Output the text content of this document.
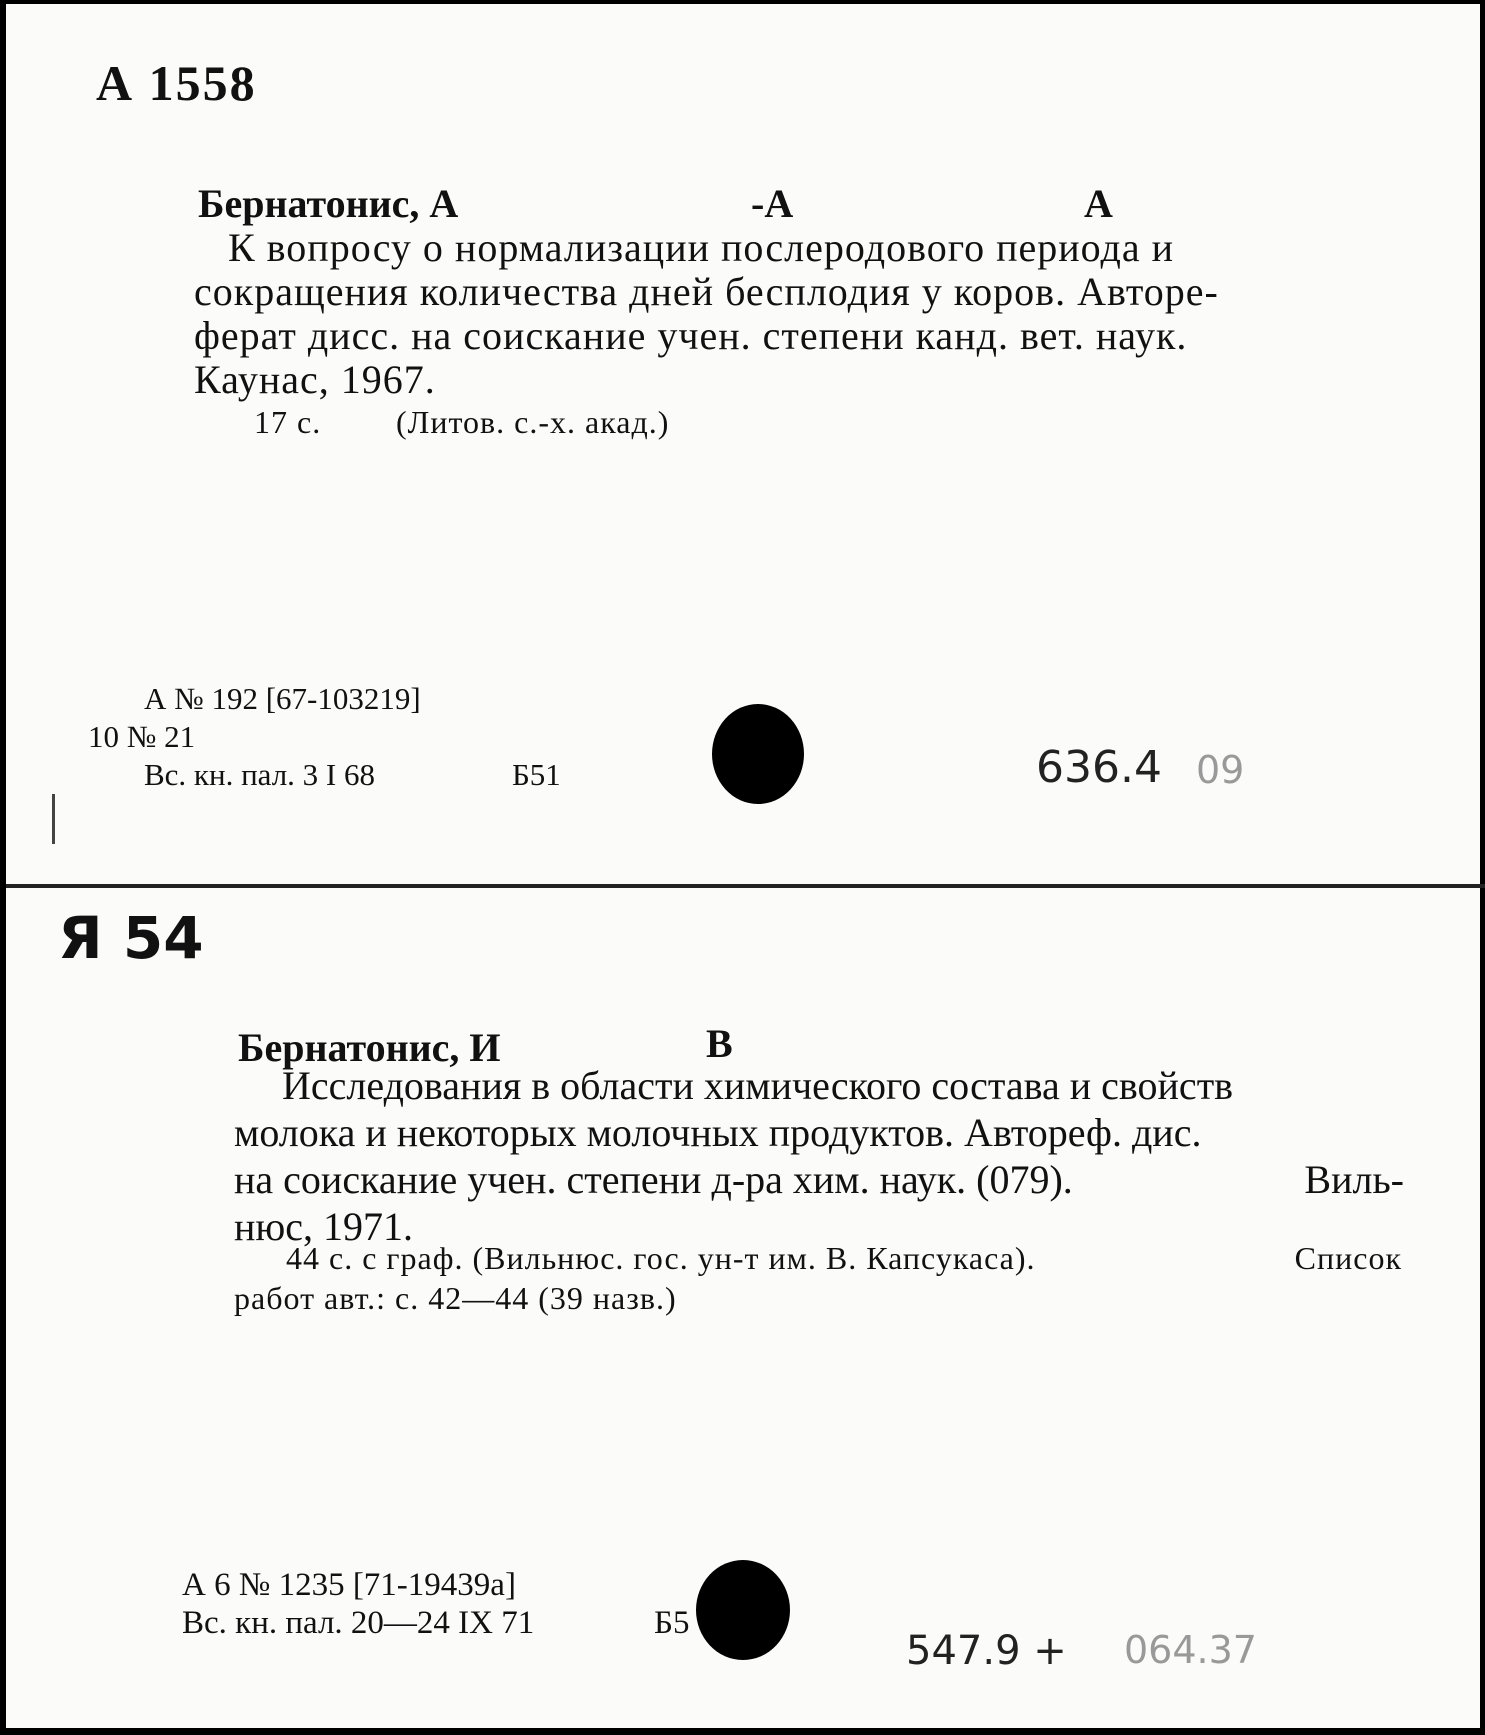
А 1558
Бернатонис, А	-А	А
К вопросу о нормализации послеродового периода и
сокращения количества дней бесплодия у коров. Автоpe-
ферат дисс. на соискание учен. степени канд. вет. наук.
Каунас, 1967.
17 с. (Литов. с.-х. акад.)
А № 192 [67-103219]
10 № 21
Вс. кн. пал. 3 I 68	Б51	636.4 09
Я 54
Бернатонис, И	В
Исследования в области химического состава и свойств
молока и некоторых молочных продуктов. Автореф. дис.
на соискание учен. степени д-ра хим. наук. (079).	Виль-
нюс, 1971.
44 с. с граф. (Вильнюс. гос. ун-т им. В. Капсукаса).	Список
работ авт.: с. 42—44 (39 назв.)
А 6 № 1235 [71-19439а]
Вс. кн. пал. 20—24 IX 71	Б5
547.9 + 064.37
